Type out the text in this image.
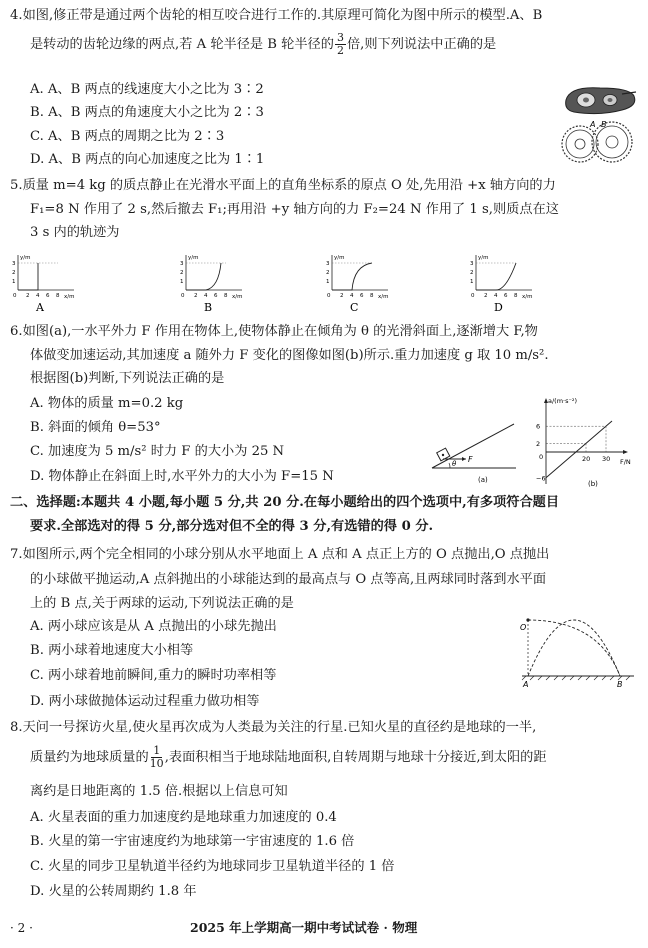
4.如图,修正带是通过两个齿轮的相互咬合进行工作的.其原理可简化为图中所示的模型.A、B
是转动的齿轮边缘的两点,若 A 轮半径是 B 轮半径的 $\frac{3}{2}$ 倍,则下列说法中正确的是
A. A、B 两点的线速度大小之比为 3∶2
B. A、B 两点的角速度大小之比为 2∶3
C. A、B 两点的周期之比为 2∶3
D. A、B 两点的向心加速度之比为 1∶1
A B
5.质量 m=4 kg 的质点静止在光滑水平面上的直角坐标系的原点 O 处,先用沿 +x 轴方向的力
F₁=8 N 作用了 2 s,然后撤去 F₁;再用沿 +y 轴方向的力 F₂=24 N 作用了 1 s,则质点在这
3 s 内的轨迹为
y/m
x/m
0
3
2
1
2 4 6 8
A
y/m
x/m
0
3
2
1
2 4 6 8
B
y/m
x/m
0
3
2
1
2 4 6 8
C
y/m
x/m
0
3
2
1
2 4 6 8
D
6.如图(a),一水平外力 F 作用在物体上,使物体静止在倾角为 θ 的光滑斜面上,逐渐增大 F,物
体做变加速运动,其加速度 a 随外力 F 变化的图像如图(b)所示.重力加速度 g 取 10 m/s².
根据图(b)判断,下列说法正确的是
A. 物体的质量 m=0.2 kg
B. 斜面的倾角 θ=53°
C. 加速度为 5 m/s² 时力 F 的大小为 25 N
D. 物体静止在斜面上时,水平外力的大小为 F=15 N
F
θ
(a)
a/(m·s⁻²)
F/N
6
2
0
−6
20 30
(b)
二、选择题:本题共 4 小题,每小题 5 分,共 20 分.在每小题给出的四个选项中,有多项符合题目
要求.全部选对的得 5 分,部分选对但不全的得 3 分,有选错的得 0 分.
7.如图所示,两个完全相同的小球分别从水平地面上 A 点和 A 点正上方的 O 点抛出,O 点抛出
的小球做平抛运动,A 点斜抛出的小球能达到的最高点与 O 点等高,且两球同时落到水平面
上的 B 点,关于两球的运动,下列说法正确的是
A. 两小球应该是从 A 点抛出的小球先抛出
B. 两小球着地速度大小相等
C. 两小球着地前瞬间,重力的瞬时功率相等
D. 两小球做抛体运动过程重力做功相等
O
A	B
8.天问一号探访火星,使火星再次成为人类最为关注的行星.已知火星的直径约是地球的一半,
质量约为地球质量的 $\frac{1}{10}$ ,表面积相当于地球陆地面积,自转周期与地球十分接近,到太阳的距
离约是日地距离的 1.5 倍.根据以上信息可知
A. 火星表面的重力加速度约是地球重力加速度的 0.4
B. 火星的第一宇宙速度约为地球第一宇宙速度的 1.6 倍
C. 火星的同步卫星轨道半径约为地球同步卫星轨道半径的 1 倍
D. 火星的公转周期约 1.8 年
· 2 ·	2025 年上学期高一期中考试试卷 · 物理
